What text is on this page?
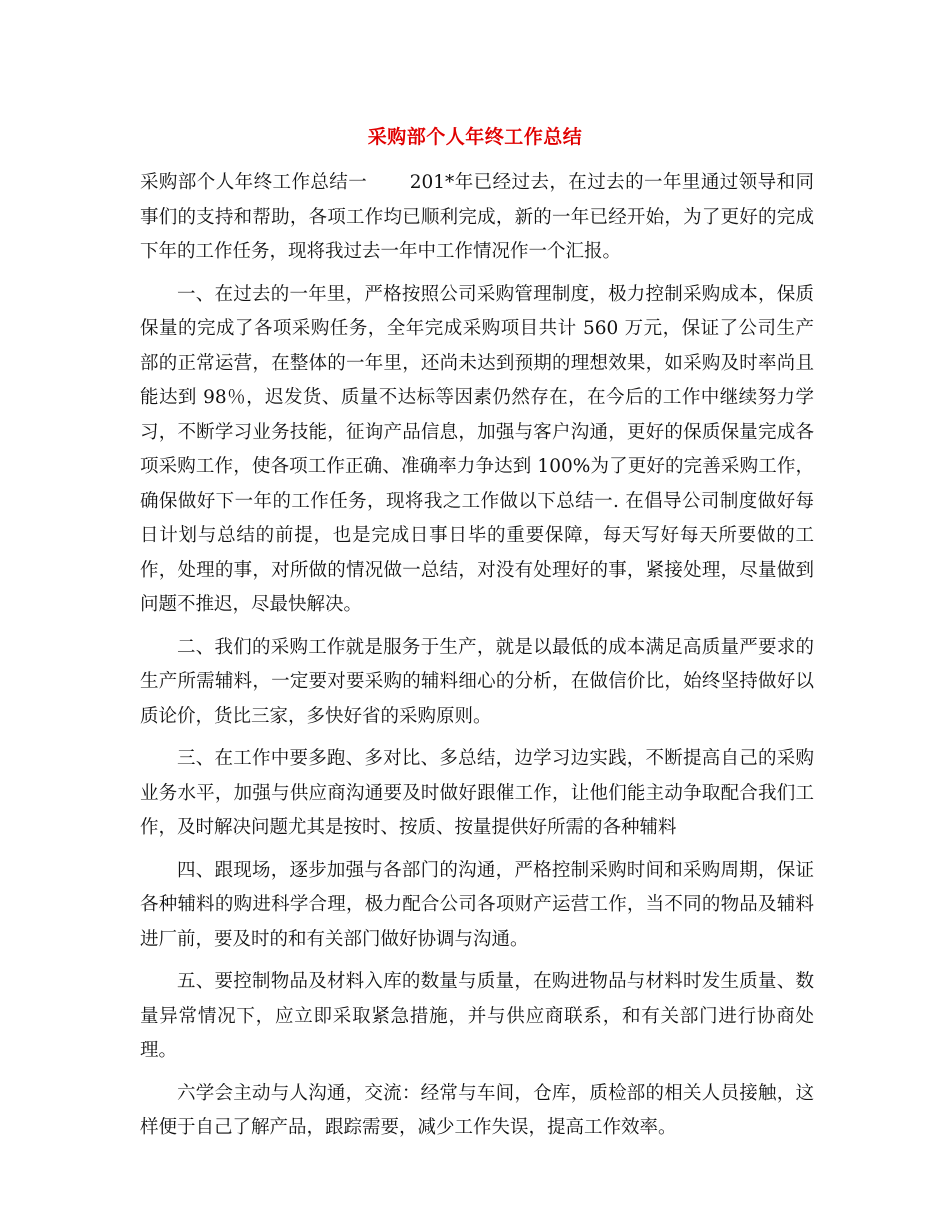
采购部个人年终工作总结

采购部个人年终工作总结一 201*年已经过去，在过去的一年里通过领导和同事们的支持和帮助，各项工作均已顺利完成，新的一年已经开始，为了更好的完成下年的工作任务，现将我过去一年中工作情况作一个汇报。

一、在过去的一年里，严格按照公司采购管理制度，极力控制采购成本，保质保量的完成了各项采购任务，全年完成采购项目共计 560 万元，保证了公司生产部的正常运营，在整体的一年里，还尚未达到预期的理想效果，如采购及时率尚且能达到 98％，迟发货、质量不达标等因素仍然存在，在今后的工作中继续努力学习，不断学习业务技能，征询产品信息，加强与客户沟通，更好的保质保量完成各项采购工作，使各项工作正确、准确率力争达到 100%为了更好的完善采购工作，确保做好下一年的工作任务，现将我之工作做以下总结一. 在倡导公司制度做好每日计划与总结的前提，也是完成日事日毕的重要保障，每天写好每天所要做的工作，处理的事，对所做的情况做一总结，对没有处理好的事，紧接处理，尽量做到问题不推迟，尽最快解决。

二、我们的采购工作就是服务于生产，就是以最低的成本满足高质量严要求的生产所需辅料，一定要对要采购的辅料细心的分析，在做信价比，始终坚持做好以质论价，货比三家，多快好省的采购原则。

三、在工作中要多跑、多对比、多总结，边学习边实践，不断提高自己的采购业务水平，加强与供应商沟通要及时做好跟催工作，让他们能主动争取配合我们工作，及时解决问题尤其是按时、按质、按量提供好所需的各种辅料

四、跟现场，逐步加强与各部门的沟通，严格控制采购时间和采购周期，保证各种辅料的购进科学合理，极力配合公司各项财产运营工作，当不同的物品及辅料进厂前，要及时的和有关部门做好协调与沟通。

五、要控制物品及材料入库的数量与质量，在购进物品与材料时发生质量、数量异常情况下，应立即采取紧急措施，并与供应商联系，和有关部门进行协商处理。

六学会主动与人沟通，交流：经常与车间，仓库，质检部的相关人员接触，这样便于自己了解产品，跟踪需要，减少工作失误，提高工作效率。
